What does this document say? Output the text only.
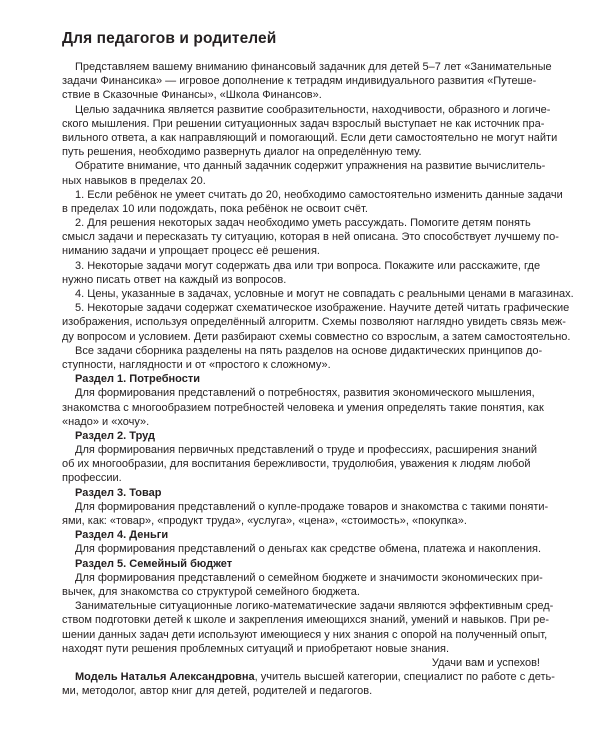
Для педагогов и родителей
Представляем вашему вниманию финансовый задачник для детей 5–7 лет «Занимательные
задачи Финансика» — игровое дополнение к тетрадям индивидуального развития «Путеше-
ствие в Сказочные Финансы», «Школа Финансов».
Целью задачника является развитие сообразительности, находчивости, образного и логиче-
ского мышления. При решении ситуационных задач взрослый выступает не как источник пра-
вильного ответа, а как направляющий и помогающий. Если дети самостоятельно не могут найти
путь решения, необходимо развернуть диалог на определённую тему.
Обратите внимание, что данный задачник содержит упражнения на развитие вычислитель-
ных навыков в пределах 20.
1. Если ребёнок не умеет считать до 20, необходимо самостоятельно изменить данные задачи
в пределах 10 или подождать, пока ребёнок не освоит счёт.
2. Для решения некоторых задач необходимо уметь рассуждать. Помогите детям понять
смысл задачи и пересказать ту ситуацию, которая в ней описана. Это способствует лучшему по-
ниманию задачи и упрощает процесс её решения.
3. Некоторые задачи могут содержать два или три вопроса. Покажите или расскажите, где
нужно писать ответ на каждый из вопросов.
4. Цены, указанные в задачах, условные и могут не совпадать с реальными ценами в магазинах.
5. Некоторые задачи содержат схематическое изображение. Научите детей читать графические
изображения, используя определённый алгоритм. Схемы позволяют наглядно увидеть связь меж-
ду вопросом и условием. Дети разбирают схемы совместно со взрослым, а затем самостоятельно.
Все задачи сборника разделены на пять разделов на основе дидактических принципов до-
ступности, наглядности и от «простого к сложному».
Раздел 1. Потребности
Для формирования представлений о потребностях, развития экономического мышления,
знакомства с многообразием потребностей человека и умения определять такие понятия, как
«надо» и «хочу».
Раздел 2. Труд
Для формирования первичных представлений о труде и профессиях, расширения знаний
об их многообразии, для воспитания бережливости, трудолюбия, уважения к людям любой
профессии.
Раздел 3. Товар
Для формирования представлений о купле-продаже товаров и знакомства с такими поняти-
ями, как: «товар», «продукт труда», «услуга», «цена», «стоимость», «покупка».
Раздел 4. Деньги
Для формирования представлений о деньгах как средстве обмена, платежа и накопления.
Раздел 5. Семейный бюджет
Для формирования представлений о семейном бюджете и значимости экономических при-
вычек, для знакомства со структурой семейного бюджета.
Занимательные ситуационные логико-математические задачи являются эффективным сред-
ством подготовки детей к школе и закрепления имеющихся знаний, умений и навыков. При ре-
шении данных задач дети используют имеющиеся у них знания с опорой на полученный опыт,
находят пути решения проблемных ситуаций и приобретают новые знания.
Удачи вам и успехов!
Модель Наталья Александровна, учитель высшей категории, специалист по работе с деть-
ми, методолог, автор книг для детей, родителей и педагогов.
